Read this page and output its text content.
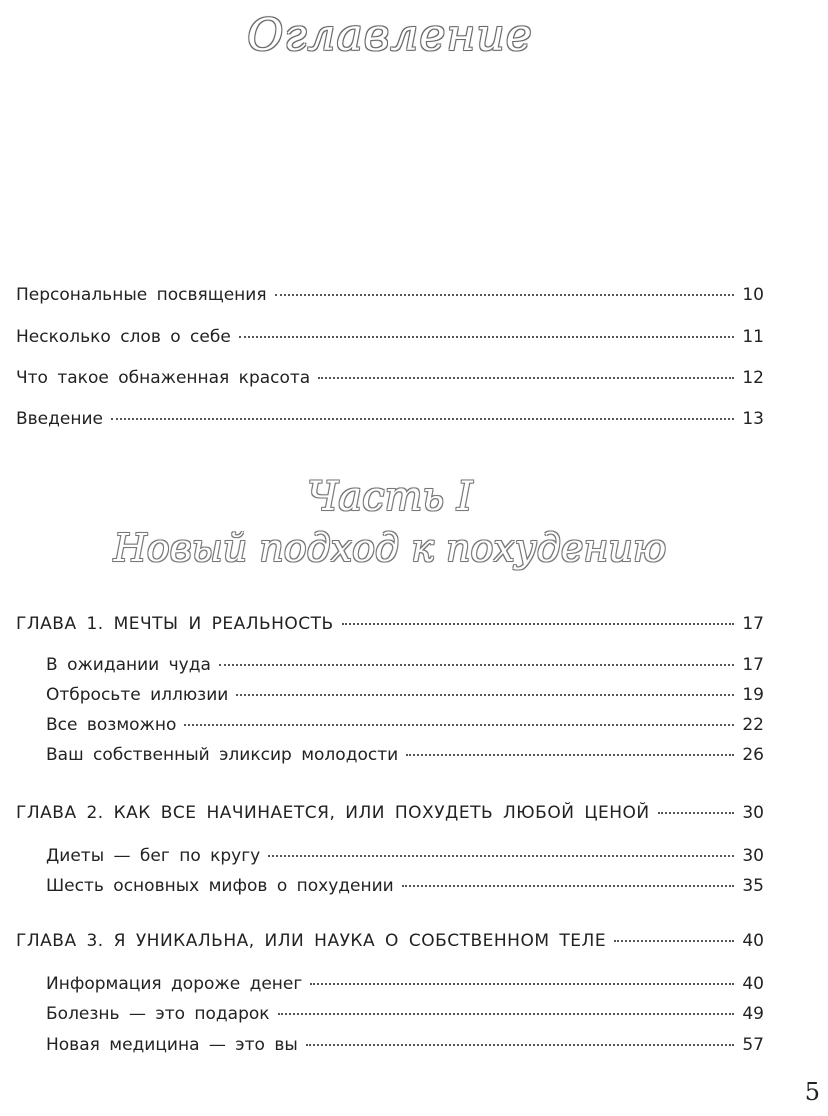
Оглавление
Персональные посвящения	10
Несколько слов о себе	11
Что такое обнаженная красота	12
Введение	13
Часть I
Новый подход к похудению
ГЛАВА 1. МЕЧТЫ И РЕАЛЬНОСТЬ	17
В ожидании чуда	17
Отбросьте иллюзии	19
Все возможно	22
Ваш собственный эликсир молодости	26
ГЛАВА 2. КАК ВСЕ НАЧИНАЕТСЯ, ИЛИ ПОХУДЕТЬ ЛЮБОЙ ЦЕНОЙ	30
Диеты — бег по кругу	30
Шесть основных мифов о похудении	35
ГЛАВА 3. Я УНИКАЛЬНА, ИЛИ НАУКА О СОБСТВЕННОМ ТЕЛЕ	40
Информация дороже денег	40
Болезнь — это подарок	49
Новая медицина — это вы	57
5
